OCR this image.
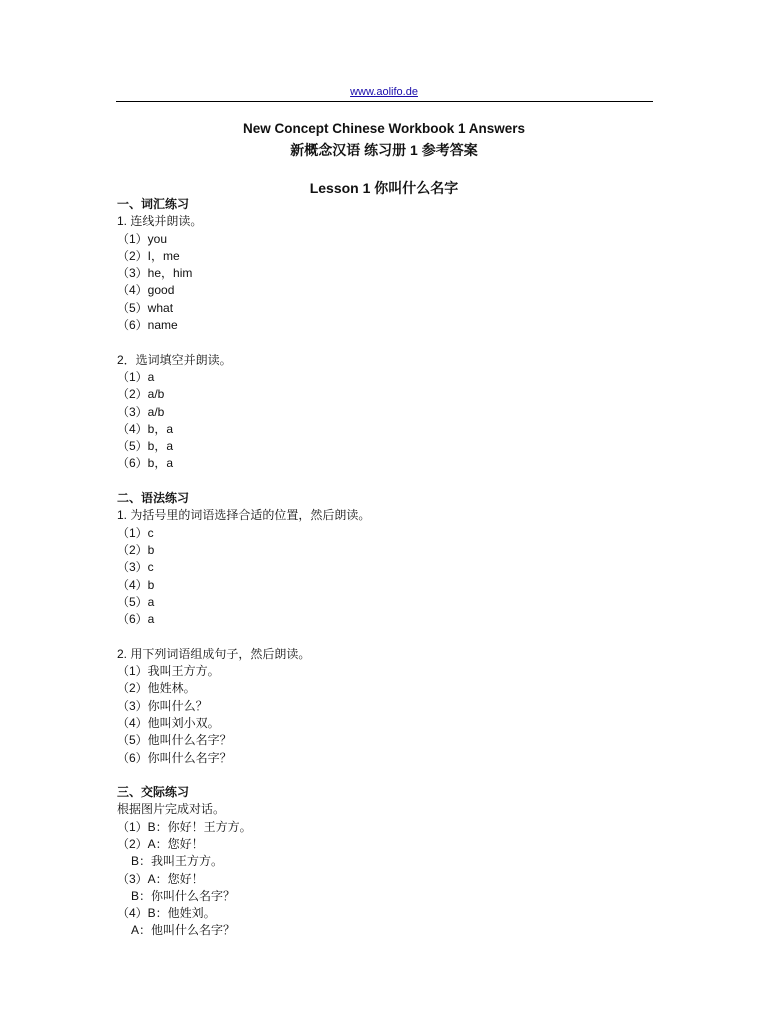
www.aolifo.de
New Concept Chinese Workbook 1 Answers
新概念汉语 练习册 1 参考答案
Lesson 1 你叫什么名字
一、词汇练习
1. 连线并朗读。
（1）you
（2）I，me
（3）he，him
（4）good
（5）what
（6）name
2．选词填空并朗读。
（1）a
（2）a/b
（3）a/b
（4）b，a
（5）b，a
（6）b，a
二、语法练习
1. 为括号里的词语选择合适的位置，然后朗读。
（1）c
（2）b
（3）c
（4）b
（5）a
（6）a
2. 用下列词语组成句子，然后朗读。
（1）我叫王方方。
（2）他姓林。
（3）你叫什么？
（4）他叫刘小双。
（5）他叫什么名字？
（6）你叫什么名字？
三、交际练习
根据图片完成对话。
（1）B：你好！王方方。
（2）A：您好！
B：我叫王方方。
（3）A：您好！
B：你叫什么名字？
（4）B：他姓刘。
A：他叫什么名字？
